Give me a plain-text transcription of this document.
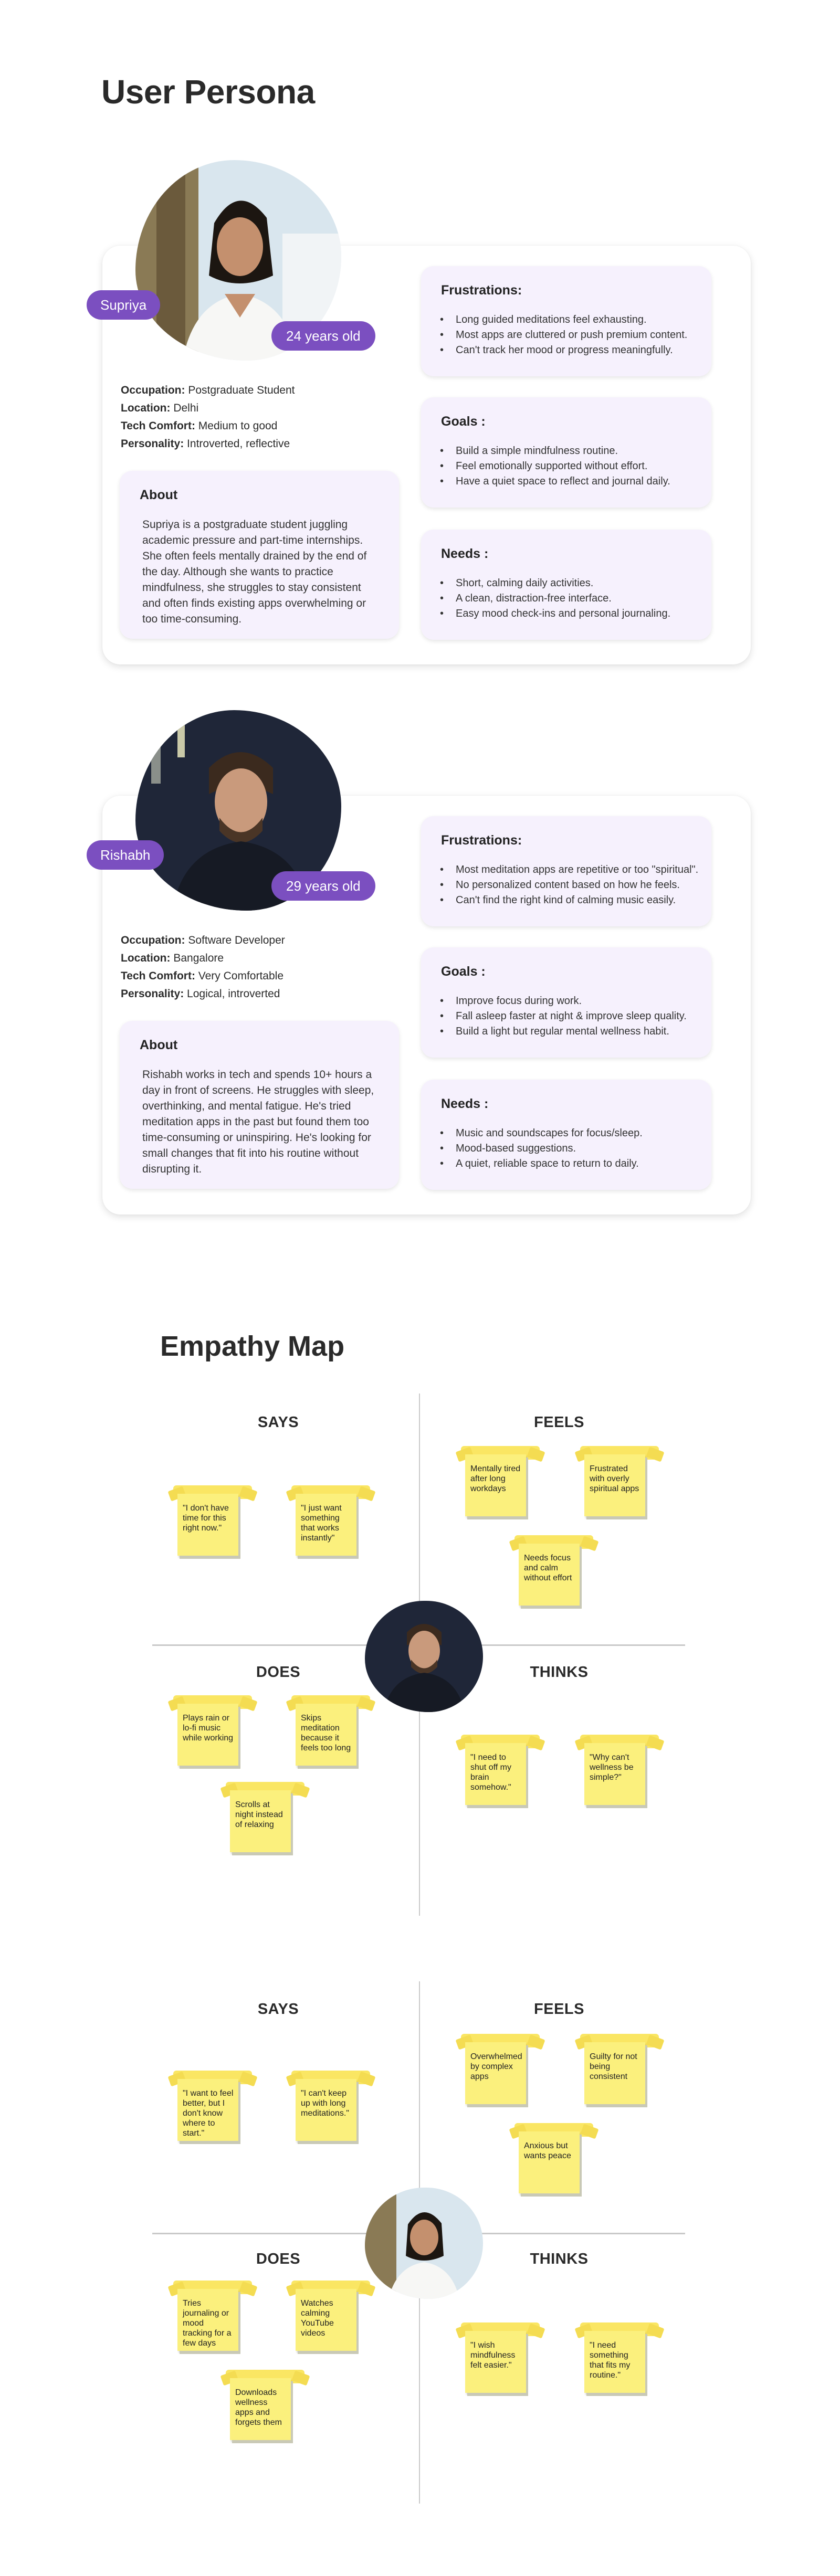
User Persona
Supriya
24 years old
Occupation: Postgraduate Student
Location: Delhi
Tech Comfort: Medium to good
Personality: Introverted, reflective
About

Supriya is a postgraduate student juggling academic pressure and part-time internships. She often feels mentally drained by the end of the day. Although she wants to practice mindfulness, she struggles to stay consistent and often finds existing apps overwhelming or too time-consuming.

Frustrations:
• Long guided meditations feel exhausting.
• Most apps are cluttered or push premium content.
• Can't track her mood or progress meaningfully.
Goals :
• Build a simple mindfulness routine.
• Feel emotionally supported without effort.
• Have a quiet space to reflect and journal daily.
Needs :
• Short, calming daily activities.
• A clean, distraction-free interface.
• Easy mood check-ins and personal journaling.
Rishabh
29 years old
Occupation: Software Developer
Location: Bangalore
Tech Comfort: Very Comfortable
Personality: Logical, introverted
About

Rishabh works in tech and spends 10+ hours a day in front of screens. He struggles with sleep, overthinking, and mental fatigue. He's tried meditation apps in the past but found them too time-consuming or uninspiring. He's looking for small changes that fit into his routine without disrupting it.

Frustrations:
• Most meditation apps are repetitive or too "spiritual".
• No personalized content based on how he feels.
• Can't find the right kind of calming music easily.
Goals :
• Improve focus during work.
• Fall asleep faster at night & improve sleep quality.
• Build a light but regular mental wellness habit.
Needs :
• Music and soundscapes for focus/sleep.
• Mood-based suggestions.
• A quiet, reliable space to return to daily.
Empathy Map
SAYS	FEELS
DOES	THINKS
"I don't have time for this right now."
"I just want something that works instantly"
Mentally tired after long workdays
Frustrated with overly spiritual apps
Needs focus and calm without effort
Plays rain or lo-fi music while working
Skips meditation because it feels too long
Scrolls at night instead of relaxing
"I need to shut off my brain somehow."
"Why can't wellness be simple?"
SAYS	FEELS
DOES	THINKS
"I want to feel better, but I don't know where to start."
"I can't keep up with long meditations."
Overwhelmed by complex apps
Guilty for not being consistent
Anxious but wants peace
Tries journaling or mood tracking for a few days
Watches calming YouTube videos
Downloads wellness apps and forgets them
"I wish mindfulness felt easier."
"I need something that fits my routine."
